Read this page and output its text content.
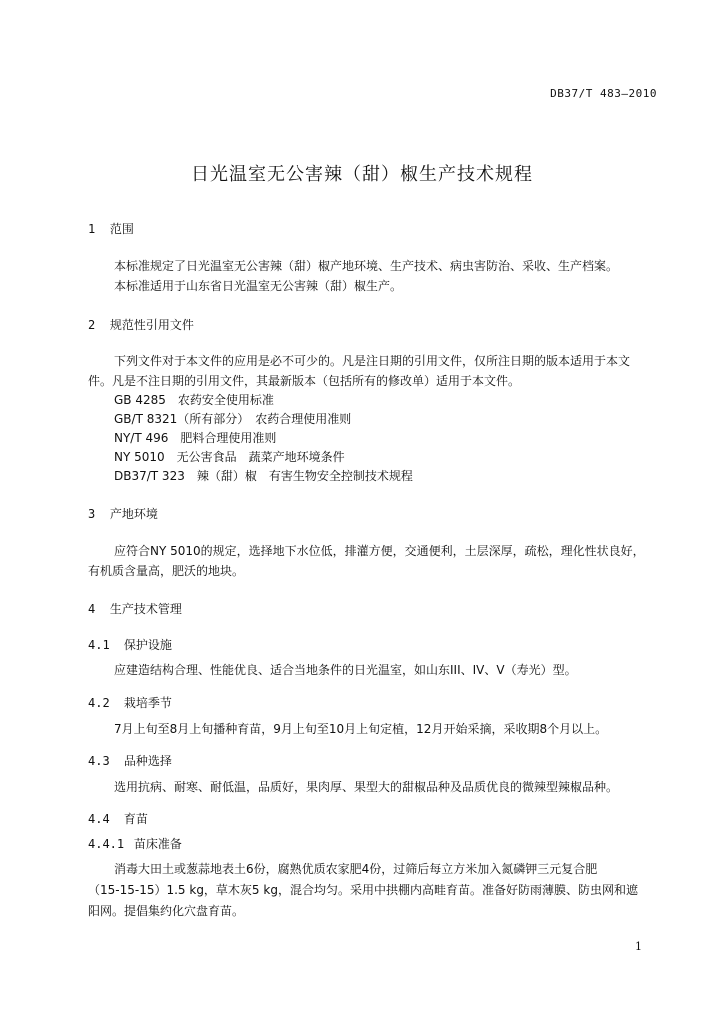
DB37/T 483—2010
日光温室无公害辣（甜）椒生产技术规程
1 范围
本标准规定了日光温室无公害辣（甜）椒产地环境、生产技术、病虫害防治、采收、生产档案。
本标准适用于山东省日光温室无公害辣（甜）椒生产。
2 规范性引用文件
下列文件对于本文件的应用是必不可少的。凡是注日期的引用文件，仅所注日期的版本适用于本文
件。凡是不注日期的引用文件，其最新版本（包括所有的修改单）适用于本文件。
GB 4285　农药安全使用标准
GB/T 8321（所有部分）　农药合理使用准则
NY/T 496　肥料合理使用准则
NY 5010　无公害食品　蔬菜产地环境条件
DB37/T 323　辣（甜）椒　有害生物安全控制技术规程
3 产地环境
应符合NY 5010的规定，选择地下水位低，排灌方便，交通便利，土层深厚，疏松，理化性状良好，
有机质含量高，肥沃的地块。
4 生产技术管理
4.1 保护设施
应建造结构合理、性能优良、适合当地条件的日光温室，如山东III、IV、V（寿光）型。
4.2 栽培季节
7月上旬至8月上旬播种育苗，9月上旬至10月上旬定植，12月开始采摘，采收期8个月以上。
4.3 品种选择
选用抗病、耐寒、耐低温，品质好，果肉厚、果型大的甜椒品种及品质优良的微辣型辣椒品种。
4.4 育苗
4.4.1 苗床准备
消毒大田土或葱蒜地表土6份，腐熟优质农家肥4份，过筛后每立方米加入氮磷钾三元复合肥
（15-15-15）1.5 kg，草木灰5 kg，混合均匀。采用中拱棚内高畦育苗。准备好防雨薄膜、防虫网和遮
阳网。提倡集约化穴盘育苗。
1
